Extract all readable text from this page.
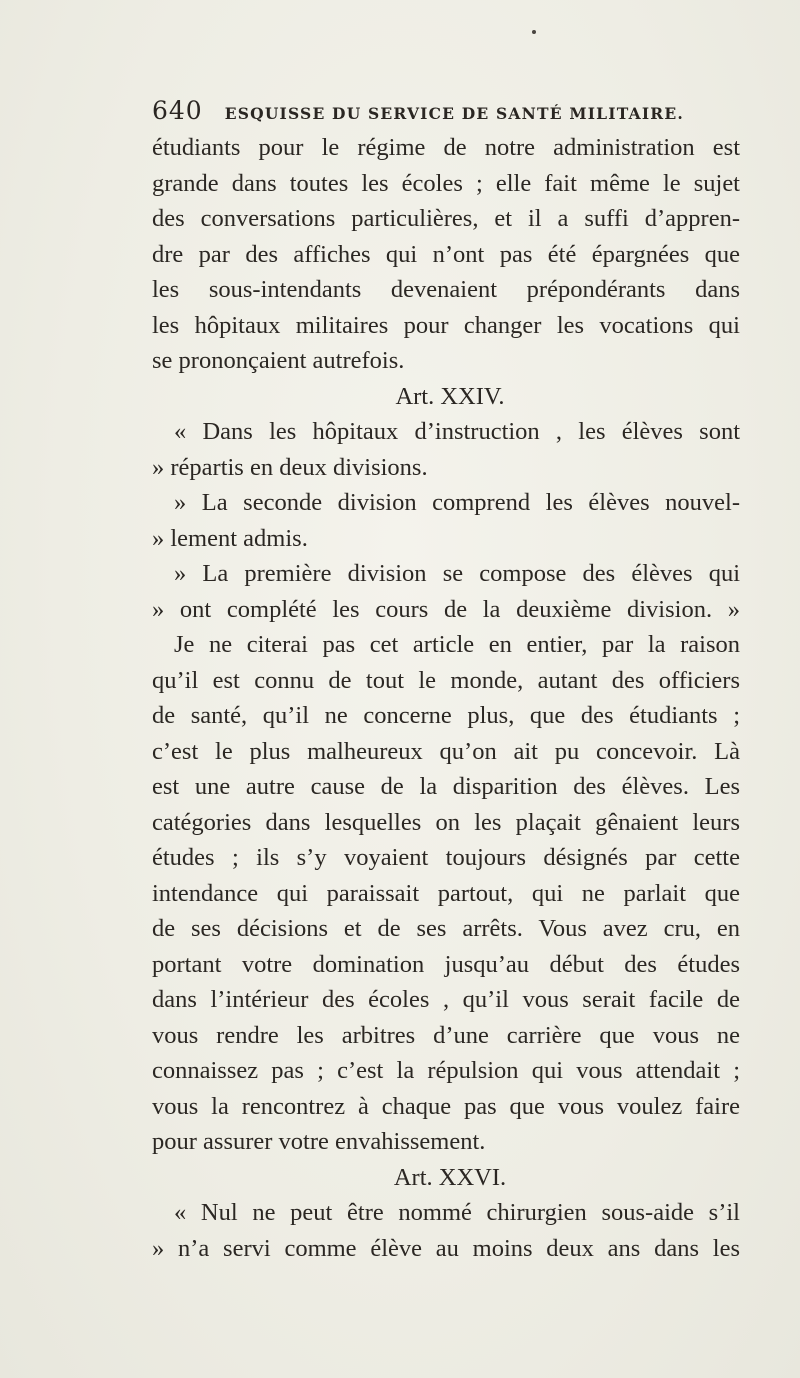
640 ESQUISSE DU SERVICE DE SANTÉ MILITAIRE.
étudiants pour le régime de notre administration est
grande dans toutes les écoles ; elle fait même le sujet
des conversations particulières, et il a suffi d’appren-
dre par des affiches qui n’ont pas été épargnées que
les sous-intendants devenaient prépondérants dans
les hôpitaux militaires pour changer les vocations qui
se prononçaient autrefois.
Art. XXIV.
« Dans les hôpitaux d’instruction , les élèves sont
» répartis en deux divisions.
» La seconde division comprend les élèves nouvel-
» lement admis.
» La première division se compose des élèves qui
» ont complété les cours de la deuxième division. »
Je ne citerai pas cet article en entier, par la raison
qu’il est connu de tout le monde, autant des officiers
de santé, qu’il ne concerne plus, que des étudiants ;
c’est le plus malheureux qu’on ait pu concevoir. Là
est une autre cause de la disparition des élèves. Les
catégories dans lesquelles on les plaçait gênaient leurs
études ; ils s’y voyaient toujours désignés par cette
intendance qui paraissait partout, qui ne parlait que
de ses décisions et de ses arrêts. Vous avez cru, en
portant votre domination jusqu’au début des études
dans l’intérieur des écoles , qu’il vous serait facile de
vous rendre les arbitres d’une carrière que vous ne
connaissez pas ; c’est la répulsion qui vous attendait ;
vous la rencontrez à chaque pas que vous voulez faire
pour assurer votre envahissement.
Art. XXVI.
« Nul ne peut être nommé chirurgien sous-aide s’il
» n’a servi comme élève au moins deux ans dans les
